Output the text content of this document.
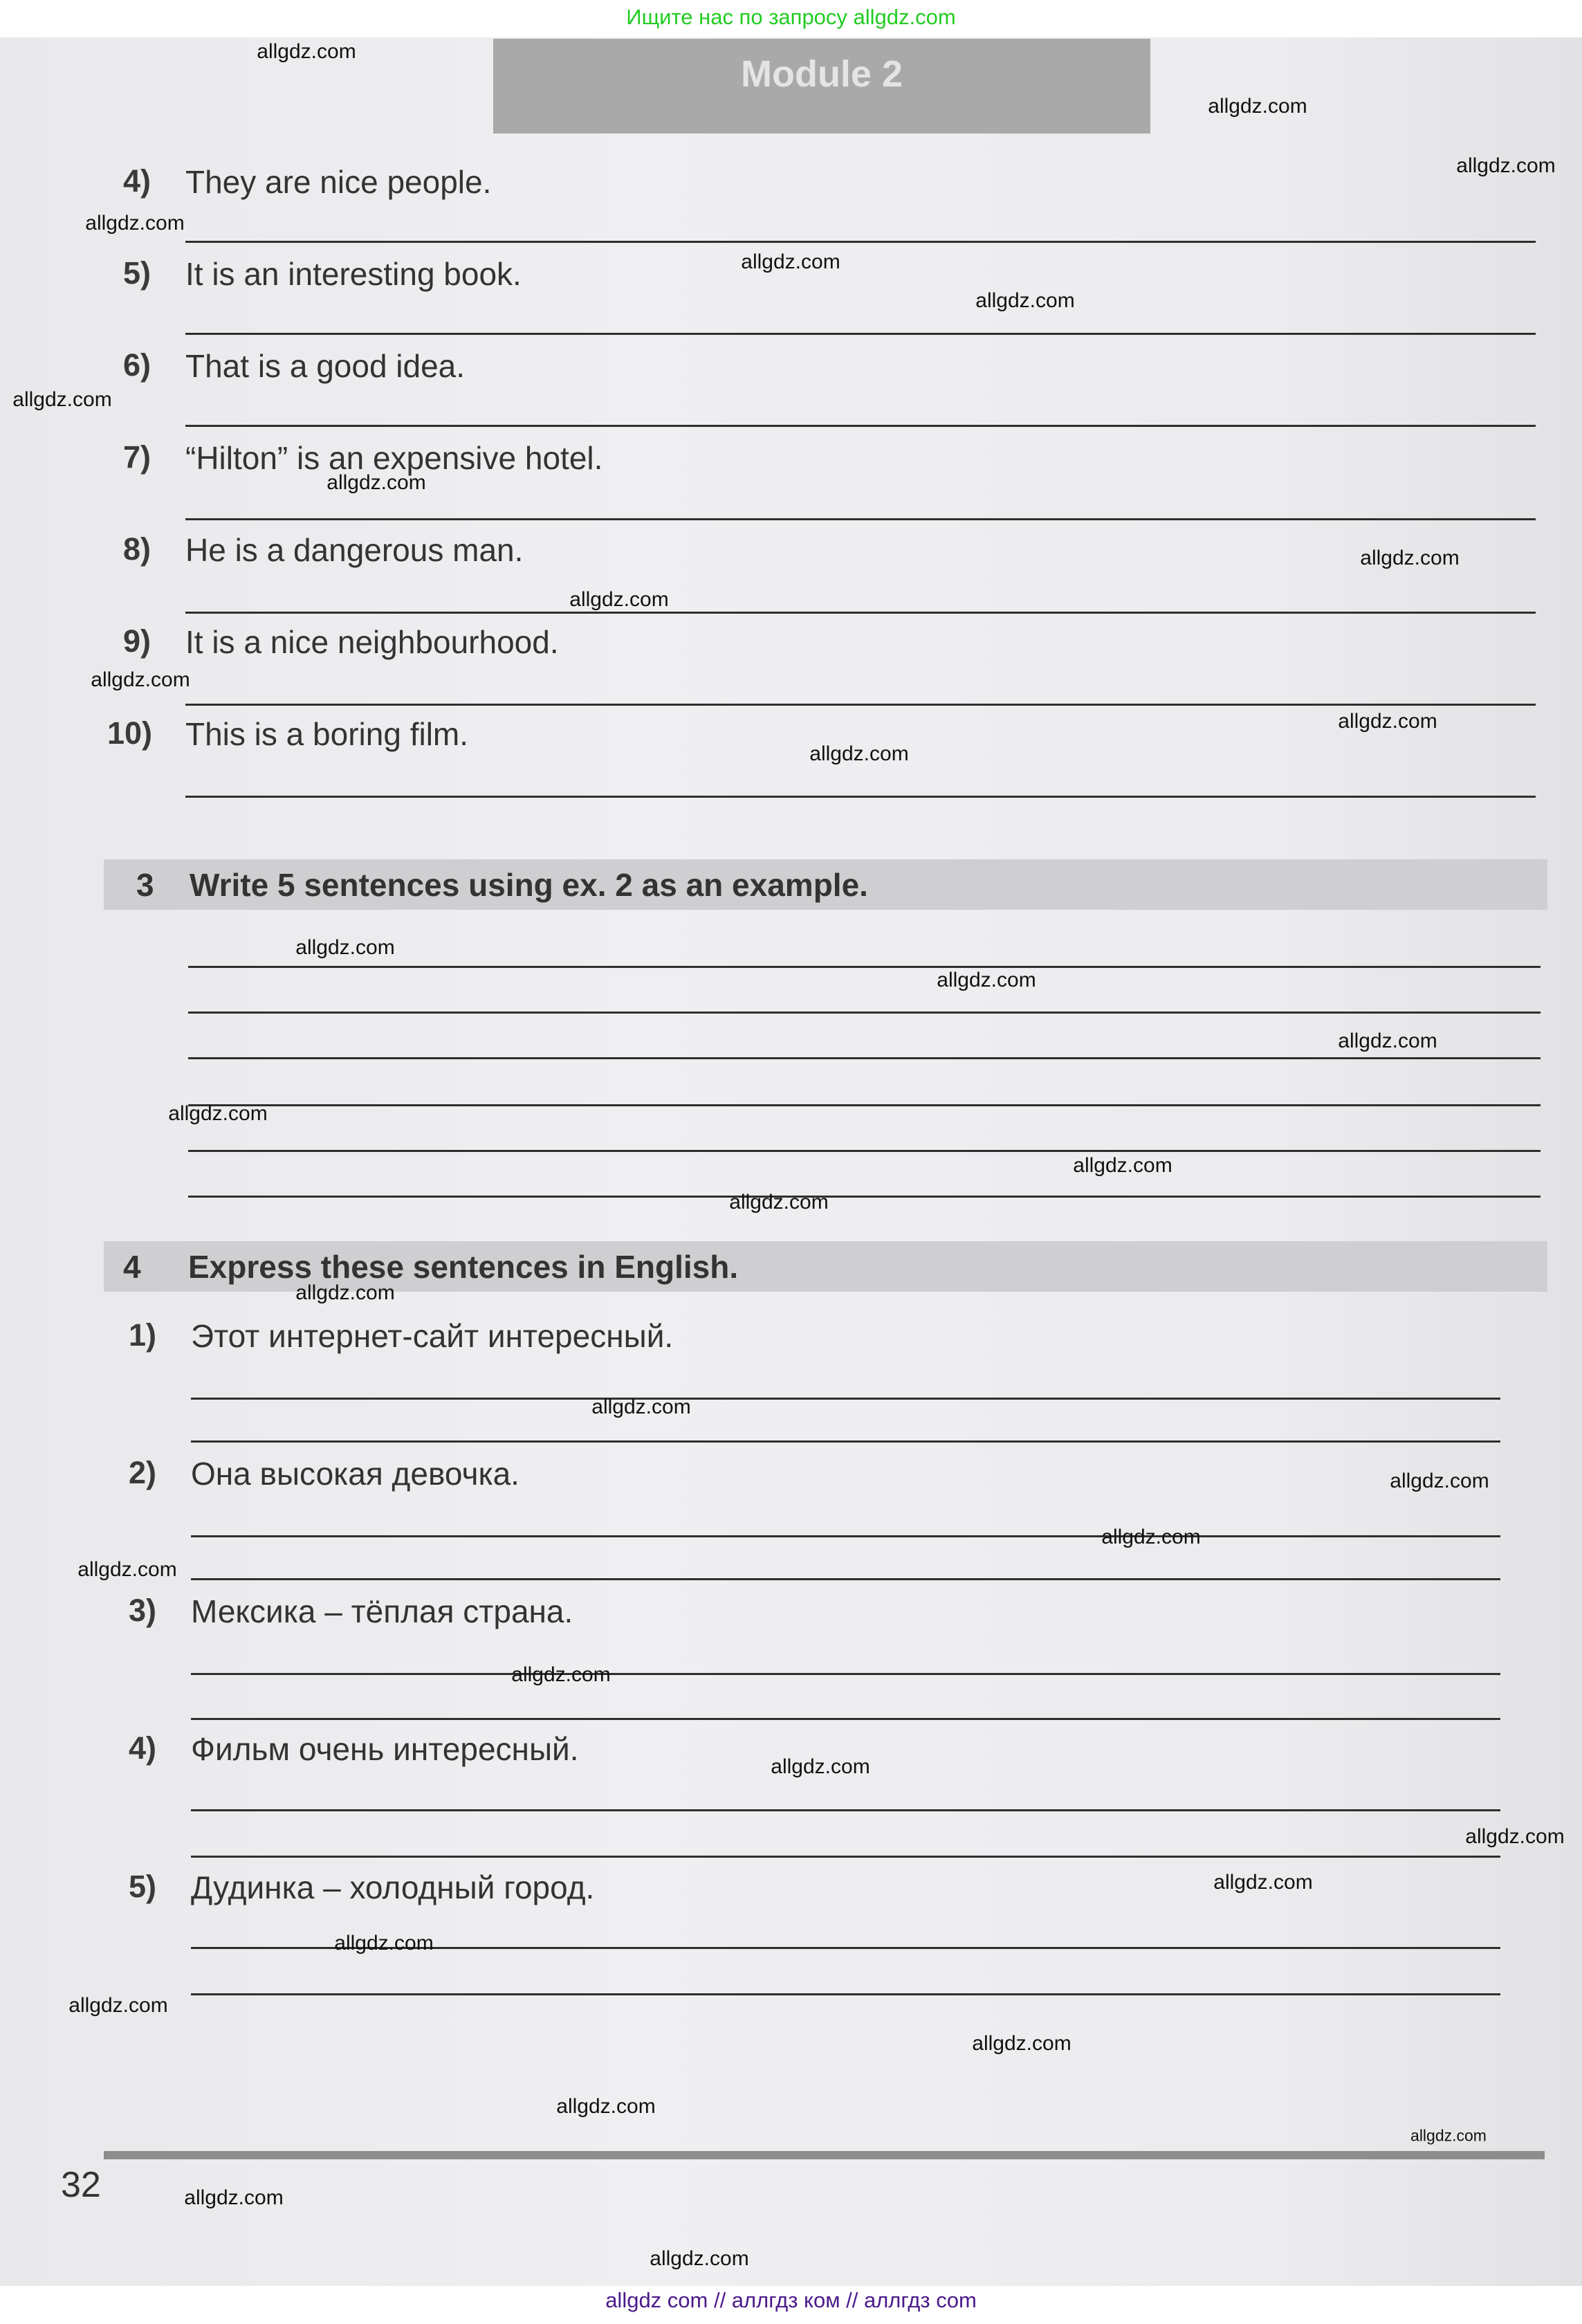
Ищите нас по запросу allgdz.com
Module 2
4) They are nice people.
5) It is an interesting book.
6) That is a good idea.
7) “Hilton” is an expensive hotel.
8) He is a dangerous man.
9) It is a nice neighbourhood.
10) This is a boring film.
3 Write 5 sentences using ex. 2 as an example.
4 Express these sentences in English.
1) Этот интернет-сайт интересный.
2) Она высокая девочка.
3) Мексика – тёплая страна.
4) Фильм очень интересный.
5) Дудинка – холодный город.
32
allgdz com // аллгдз ком // аллгдз com
allgdz.com
allgdz.com
allgdz.com
allgdz.com
allgdz.com
allgdz.com
allgdz.com
allgdz.com
allgdz.com
allgdz.com
allgdz.com
allgdz.com
allgdz.com
allgdz.com
allgdz.com
allgdz.com
allgdz.com
allgdz.com
allgdz.com
allgdz.com
allgdz.com
allgdz.com
allgdz.com
allgdz.com
allgdz.com
allgdz.com
allgdz.com
allgdz.com
allgdz.com
allgdz.com
allgdz.com
allgdz.com
allgdz.com
allgdz.com
allgdz.com
